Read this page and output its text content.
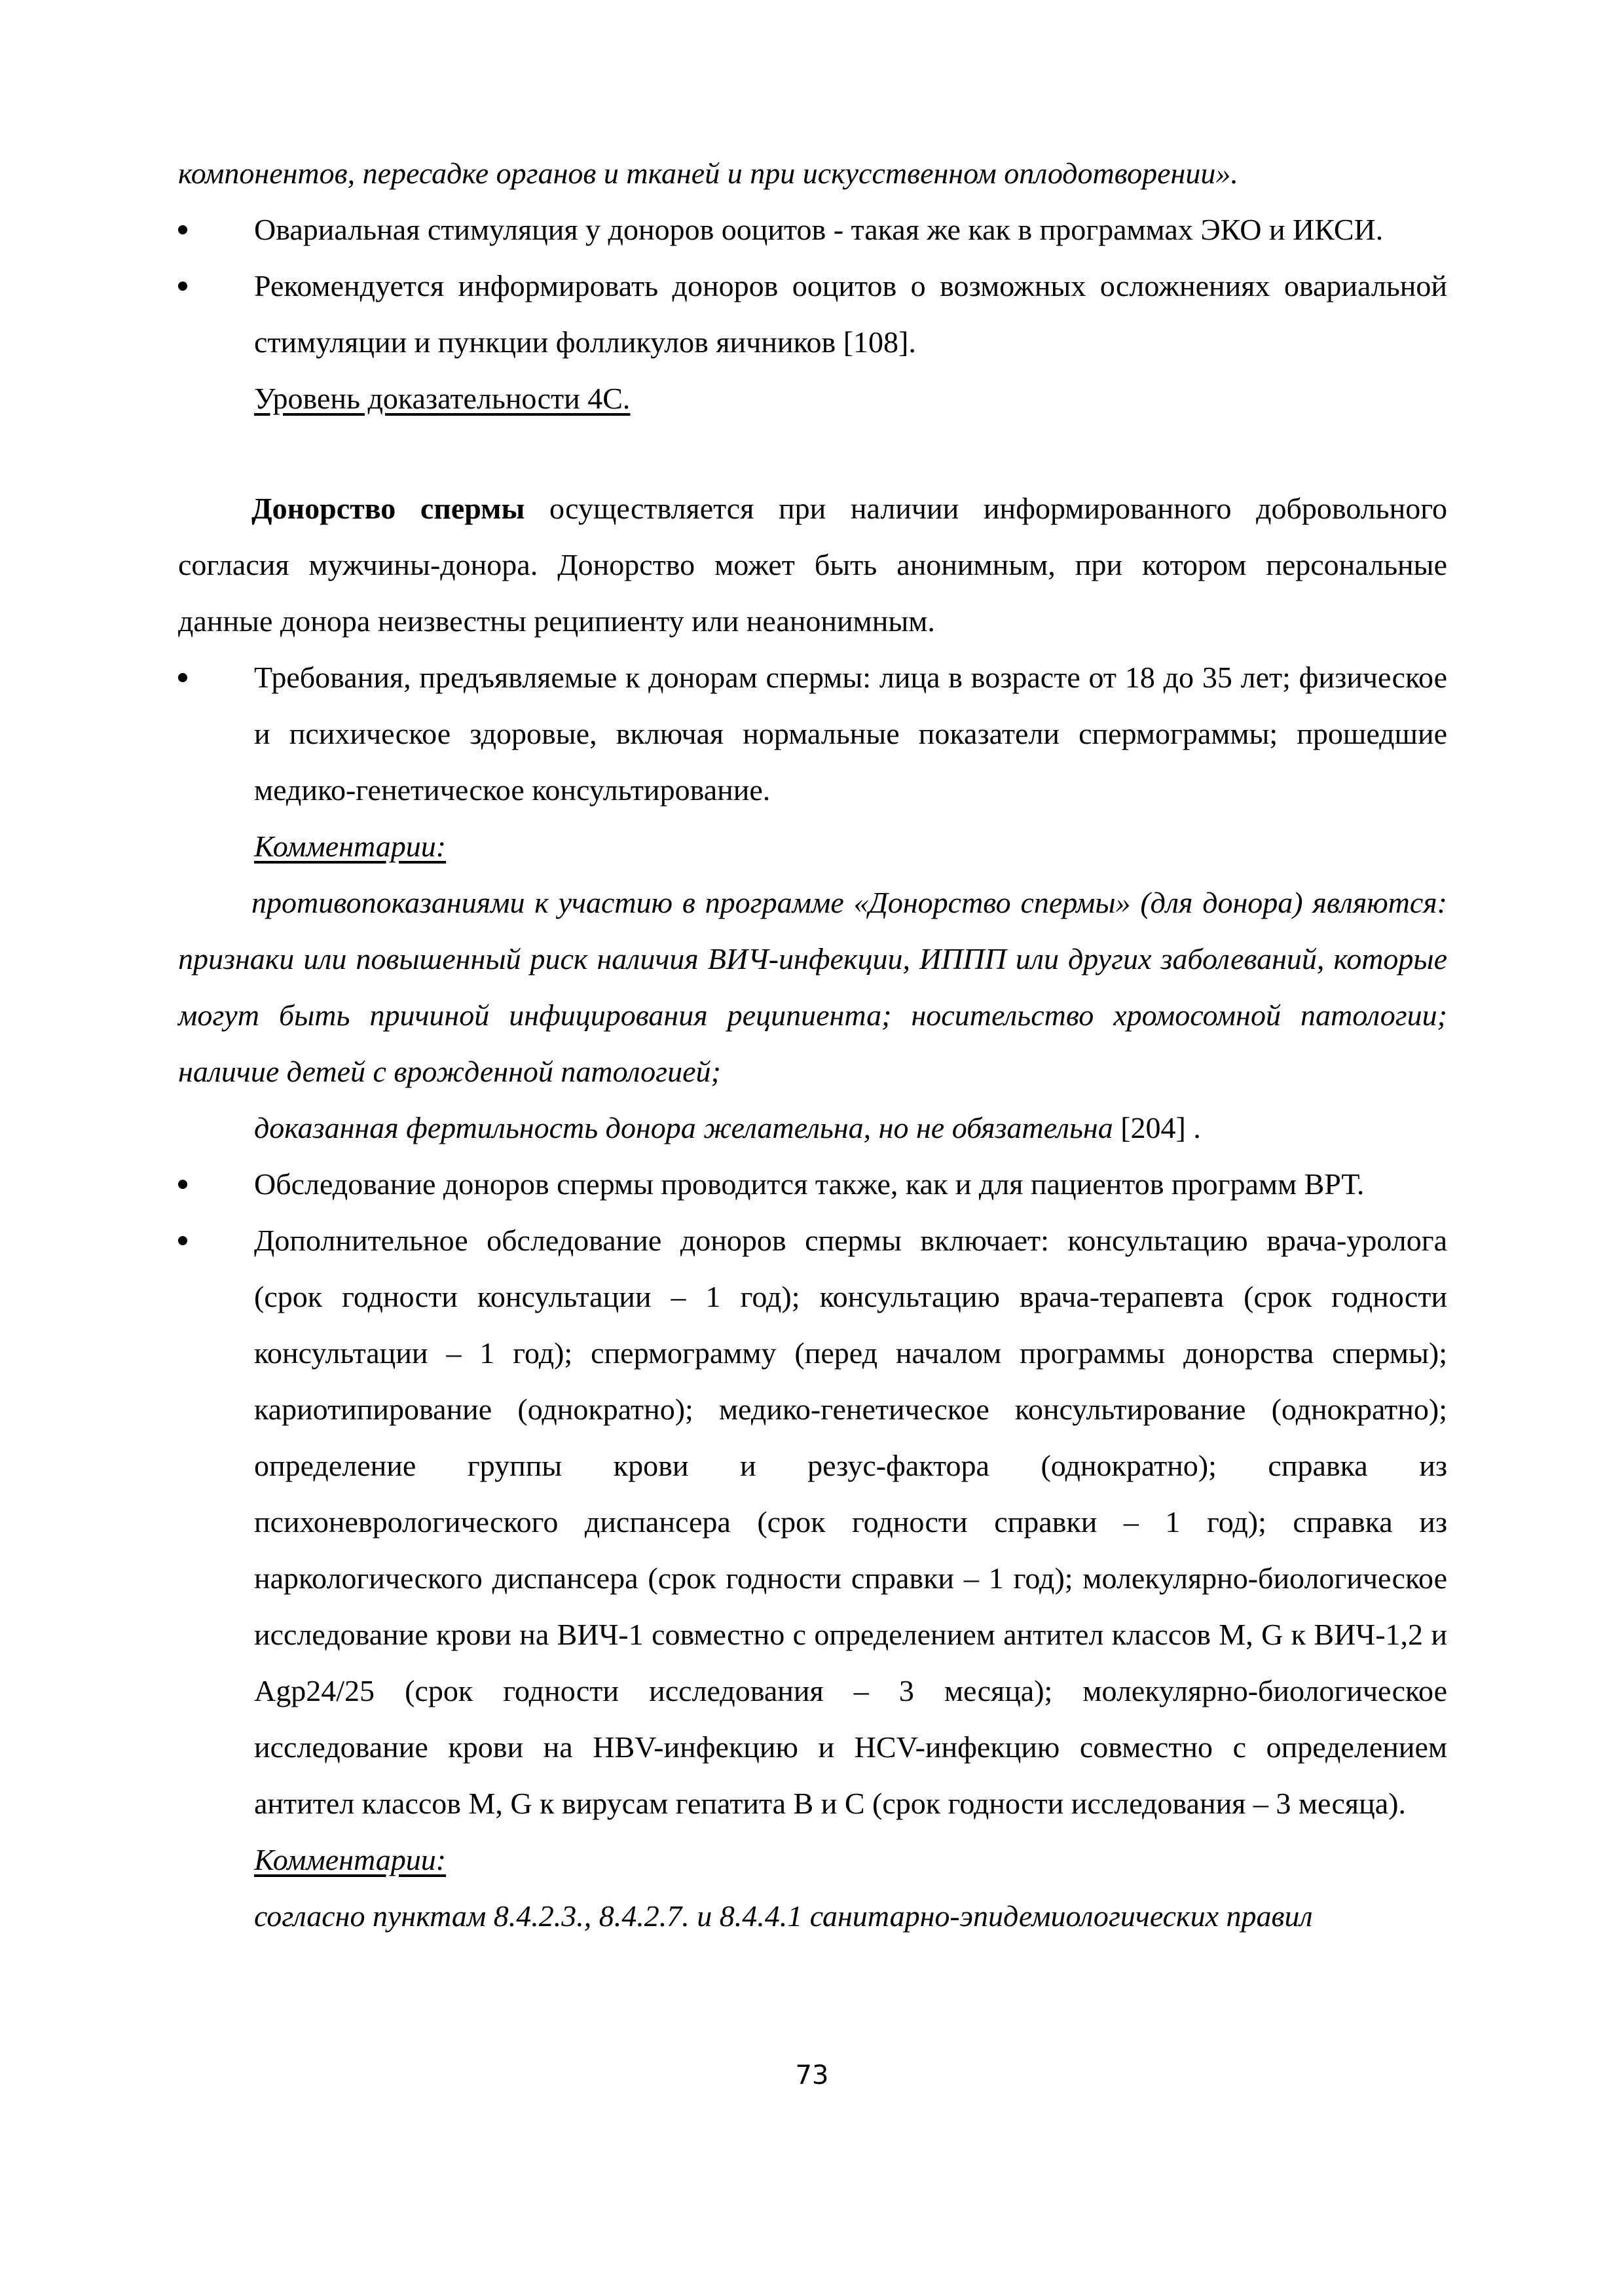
компонентов, пересадке органов и тканей и при искусственном оплодотворении».

Овариальная стимуляция у доноров ооцитов - такая же как в программах ЭКО и ИКСИ.

Рекомендуется информировать доноров ооцитов о возможных осложнениях овариальной стимуляции и пункции фолликулов яичников [108].

Уровень доказательности 4С.

Донорство спермы осуществляется при наличии информированного добровольного согласия мужчины-донора. Донорство может быть анонимным, при котором персональные данные донора неизвестны реципиенту или неанонимным.

Требования, предъявляемые к донорам спермы: лица в возрасте от 18 до 35 лет; физическое и психическое здоровые, включая нормальные показатели спермограммы; прошедшие медико-генетическое консультирование.

Комментарии:

противопоказаниями к участию в программе «Донорство спермы» (для донора) являются: признаки или повышенный риск наличия ВИЧ-инфекции, ИППП или других заболеваний, которые могут быть причиной инфицирования реципиента; носительство хромосомной патологии; наличие детей с врожденной патологией;

доказанная фертильность донора желательна, но не обязательна [204] .

Обследование доноров спермы проводится также, как и для пациентов программ ВРТ.

Дополнительное обследование доноров спермы включает: консультацию врача-уролога (срок годности консультации – 1 год); консультацию врача-терапевта (срок годности консультации – 1 год); спермограмму (перед началом программы донорства спермы); кариотипирование (однократно); медико-генетическое консультирование (однократно); определение группы крови и резус-фактора (однократно); справка из психоневрологического диспансера (срок годности справки – 1 год); справка из наркологического диспансера (срок годности справки – 1 год); молекулярно-биологическое исследование крови на ВИЧ-1 совместно с определением антител классов M, G к ВИЧ-1,2 и Agp24/25 (срок годности исследования – 3 месяца); молекулярно-биологическое исследование крови на HBV-инфекцию и HCV-инфекцию совместно с определением антител классов M, G к вирусам гепатита B и C (срок годности исследования – 3 месяца).

Комментарии:

согласно пунктам 8.4.2.3., 8.4.2.7. и 8.4.4.1 санитарно-эпидемиологических правил

73
